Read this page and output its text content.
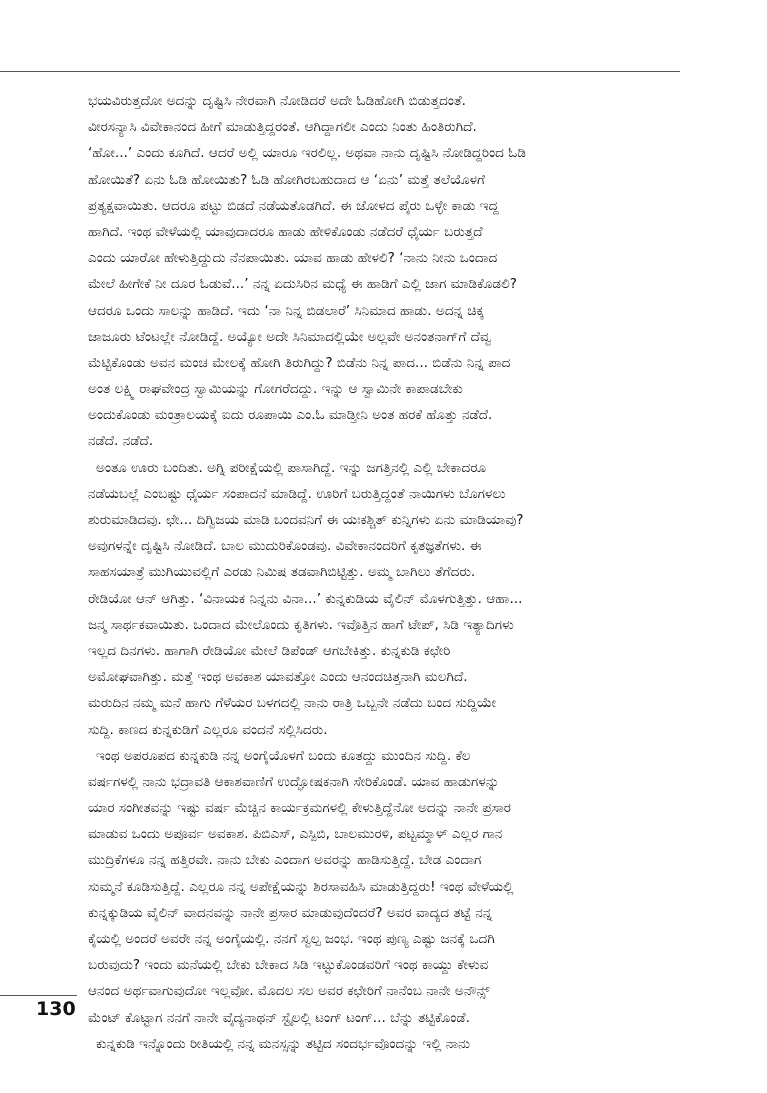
ಭಯವಿರುತ್ತದೋ ಅದನ್ನು ದೃಷ್ಟಿಸಿ ನೇರವಾಗಿ ನೋಡಿದರೆ ಅದೇ ಓಡಿಹೋಗಿ ಬಿಡುತ್ತದಂತೆ.
ವೀರಸನ್ಯಾಸಿ ವಿವೇಕಾನಂದ ಹೀಗೆ ಮಾಡುತ್ತಿದ್ದರಂತೆ. ಆಗಿದ್ದಾಗಲೀ ಎಂದು ನಿಂತು ಹಿಂತಿರುಗಿದೆ.
‘ಹೋ...’ ಎಂದು ಕೂಗಿದೆ. ಆದರೆ ಅಲ್ಲಿ ಯಾರೂ ಇರಲಿಲ್ಲ. ಅಥವಾ ನಾನು ದೃಷ್ಟಿಸಿ ನೋಡಿದ್ದರಿಂದ ಓಡಿ
ಹೋಯಿತೆ? ಏನು ಓಡಿ ಹೋಯಿತು? ಓಡಿ ಹೋಗಿರಬಹುದಾದ ಆ ‘ಏನು’ ಮತ್ತೆ ತಲೆಯೊಳಗೆ
ಪ್ರತ್ಯಕ್ಷವಾಯಿತು. ಆದರೂ ಪಟ್ಟು ಬಿಡದೆ ನಡೆಯತೊಡಗಿದೆ. ಈ ಜೋಳದ ಪೈರು ಒಳ್ಳೇ ಕಾಡು ಇದ್ದ
ಹಾಗಿದೆ. ಇಂಥ ವೇಳೆಯಲ್ಲಿ ಯಾವುದಾದರೂ ಹಾಡು ಹೇಳಿಕೊಂಡು ನಡೆದರೆ ಧೈರ್ಯ ಬರುತ್ತದೆ
ಎಂದು ಯಾರೋ ಹೇಳುತ್ತಿದ್ದುದು ನೆನಪಾಯಿತು. ಯಾವ ಹಾಡು ಹೇಳಲಿ? ‘ನಾನು ನೀನು ಒಂದಾದ
ಮೇಲೆ ಹೀಗೇಕೆ ನೀ ದೂರ ಓಡುವೆ...’ ನನ್ನ ಏದುಸಿರಿನ ಮಧ್ಯೆ ಈ ಹಾಡಿಗೆ ಎಲ್ಲಿ ಜಾಗ ಮಾಡಿಕೊಡಲಿ?
ಆದರೂ ಒಂದು ಸಾಲನ್ನು ಹಾಡಿದೆ. ಇದು ‘ನಾ ನಿನ್ನ ಬಿಡಲಾರೆ’ ಸಿನಿಮಾದ ಹಾಡು. ಅದನ್ನ ಚಿಕ್ಕ
ಜಾಜೂರು ಟೆಂಟಲ್ಲೇ ನೋಡಿದ್ದೆ. ಅಯ್ಯೋ ಅದೇ ಸಿನಿಮಾದಲ್ಲಿಯೇ ಅಲ್ಲವೇ ಅನಂತನಾಗ್‌ಗೆ ದೆವ್ವ
ಮೆಟ್ಟಿಕೊಂಡು ಅವನ ಮಂಚ ಮೇಲಕ್ಕೆ ಹೋಗಿ ತಿರುಗಿದ್ದು? ಬಿಡೆನು ನಿನ್ನ ಪಾದ... ಬಿಡೆನು ನಿನ್ನ ಪಾದ
ಅಂತ ಲಕ್ಷ್ಮಿ ರಾಘವೇಂದ್ರ ಸ್ವಾಮಿಯನ್ನು ಗೋಗರೆದದ್ದು. ಇನ್ನು ಆ ಸ್ವಾಮಿನೇ ಕಾಪಾಡಬೇಕು
ಅಂದುಕೊಂಡು ಮಂತ್ರಾಲಯಕ್ಕೆ ಐದು ರೂಪಾಯಿ ಎಂ.ಓ ಮಾಡ್ತೀನಿ ಅಂತ ಹರಕೆ ಹೊತ್ತು ನಡೆದೆ.
ನಡೆದೆ. ನಡೆದೆ.
ಅಂತೂ ಊರು ಬಂದಿತು. ಅಗ್ನಿ ಪರೀಕ್ಷೆಯಲ್ಲಿ ಪಾಸಾಗಿದ್ದೆ. ಇನ್ನು ಜಗತ್ತಿನಲ್ಲಿ ಎಲ್ಲಿ ಬೇಕಾದರೂ
ನಡೆಯಬಲ್ಲೆ ಎಂಬಷ್ಟು ಧೈರ್ಯ ಸಂಪಾದನೆ ಮಾಡಿದ್ದೆ. ಊರಿಗೆ ಬರುತ್ತಿದ್ದಂತೆ ನಾಯಿಗಳು ಬೊಗಳಲು
ಶುರುಮಾಡಿದವು. ಛೇ... ದಿಗ್ವಿಜಯ ಮಾಡಿ ಬಂದವನಿಗೆ ಈ ಯಃಕಶ್ಚಿತ್ ಕುನ್ನಿಗಳು ಏನು ಮಾಡಿಯಾವು?
ಅವುಗಳನ್ನೇ ದೃಷ್ಟಿಸಿ ನೋಡಿದೆ. ಬಾಲ ಮುದುರಿಕೊಂಡವು. ವಿವೇಕಾನಂದರಿಗೆ ಕೃತಜ್ಞತೆಗಳು. ಈ
ಸಾಹಸಯಾತ್ರೆ ಮುಗಿಯುವಲ್ಲಿಗೆ ಎರಡು ನಿಮಿಷ ತಡವಾಗಿಬಿಟ್ಟಿತ್ತು. ಅಮ್ಮ ಬಾಗಿಲು ತೆಗೆದರು.
ರೇಡಿಯೋ ಆನ್ ಆಗಿತ್ತು. ‘ವಿನಾಯಕ ನಿನ್ನನು ವಿನಾ...’ ಕುನ್ನಕುಡಿಯ ವೈಲಿನ್ ಮೊಳಗುತ್ತಿತ್ತು. ಆಹಾ...
ಜನ್ಮ ಸಾರ್ಥಕವಾಯಿತು. ಒಂದಾದ ಮೇಲೊಂದು ಕೃತಿಗಳು. ಇವೊತ್ತಿನ ಹಾಗೆ ಟೇಪ್, ಸಿಡಿ ಇತ್ಯಾದಿಗಳು
ಇಲ್ಲದ ದಿನಗಳು. ಹಾಗಾಗಿ ರೇಡಿಯೋ ಮೇಲೆ ಡಿಪೆಂಡ್ ಆಗಬೇಕಿತ್ತು. ಕುನ್ನಕುಡಿ ಕಛೇರಿ
ಅಮೋಘವಾಗಿತ್ತು. ಮತ್ತೆ ಇಂಥ ಅವಕಾಶ ಯಾವತ್ತೋ ಎಂದು ಆನಂದಚಿತ್ತನಾಗಿ ಮಲಗಿದೆ.
ಮರುದಿನ ನಮ್ಮ ಮನೆ ಹಾಗು ಗೆಳೆಯರ ಬಳಗದಲ್ಲಿ ನಾನು ರಾತ್ರಿ ಒಬ್ಬನೇ ನಡೆದು ಬಂದ ಸುದ್ದಿಯೇ
ಸುದ್ದಿ. ಕಾಣದ ಕುನ್ನಕುಡಿಗೆ ಎಲ್ಲರೂ ವಂದನೆ ಸಲ್ಲಿಸಿದರು.
ಇಂಥ ಅಪರೂಪದ ಕುನ್ನಕುಡಿ ನನ್ನ ಅಂಗೈಯೊಳಗೆ ಬಂದು ಕೂತದ್ದು ಮುಂದಿನ ಸುದ್ದಿ. ಕೆಲ
ವರ್ಷಗಳಲ್ಲಿ ನಾನು ಭದ್ರಾವತಿ ಆಕಾಶವಾಣಿಗೆ ಉದ್ಘೋಷಕನಾಗಿ ಸೇರಿಕೊಂಡೆ. ಯಾವ ಹಾಡುಗಳನ್ನು
ಯಾರ ಸಂಗೀತವನ್ನು ಇಷ್ಟು ವರ್ಷ ಮೆಚ್ಚಿನ ಕಾರ್ಯಕ್ರಮಗಳಲ್ಲಿ ಕೇಳುತ್ತಿದ್ದೆನೋ ಅದನ್ನು ನಾನೇ ಪ್ರಸಾರ
ಮಾಡುವ ಒಂದು ಅಪೂರ್ವ ಅವಕಾಶ. ಪಿಬಿಎಸ್, ಎಸ್ಪಿಬಿ, ಬಾಲಮುರಳಿ, ಪಟ್ಟಮ್ಮಾಳ್ ಎಲ್ಲರ ಗಾನ
ಮುದ್ರಿಕೆಗಳೂ ನನ್ನ ಹತ್ತಿರವೇ. ನಾನು ಬೇಕು ಎಂದಾಗ ಅವರನ್ನು ಹಾಡಿಸುತ್ತಿದ್ದೆ. ಬೇಡ ಎಂದಾಗ
ಸುಮ್ಮನೆ ಕೂಡಿಸುತ್ತಿದ್ದೆ. ಎಲ್ಲರೂ ನನ್ನ ಅಪೇಕ್ಷೆಯನ್ನು ಶಿರಸಾವಹಿಸಿ ಮಾಡುತ್ತಿದ್ದರು! ಇಂಥ ವೇಳೆಯಲ್ಲಿ
ಕುನ್ನಕ್ಕುಡಿಯ ವೈಲಿನ್ ವಾದನವನ್ನು ನಾನೇ ಪ್ರಸಾರ ಮಾಡುವುದೆಂದರೆ? ಅವರ ವಾದ್ಯದ ತಟ್ಟೆ ನನ್ನ
ಕೈಯಲ್ಲಿ ಅಂದರೆ ಅವರೇ ನನ್ನ ಅಂಗೈಯಲ್ಲಿ. ನನಗೆ ಸ್ವಲ್ಪ ಜಂಭ. ಇಂಥ ಪುಣ್ಯ ಎಷ್ಟು ಜನಕ್ಕೆ ಒದಗಿ
ಬರುವುದು? ಇಂದು ಮನೆಯಲ್ಲಿ ಬೇಕು ಬೇಕಾದ ಸಿಡಿ ಇಟ್ಟುಕೊಂಡವರಿಗೆ ಇಂಥ ಕಾಯ್ದು ಕೇಳುವ
ಆನಂದ ಅರ್ಥವಾಗುವುದೋ ಇಲ್ಲವೋ. ಮೊದಲ ಸಲ ಅವರ ಕಛೇರಿಗೆ ನಾನೆಂಬ ನಾನೇ ಅನೌನ್ಸ್
ಮೆಂಟ್ ಕೊಟ್ಟಾಗ ನನಗೆ ನಾನೇ ವೈದ್ಯನಾಥನ್ ಸ್ಟೈಲಲ್ಲಿ ಟಂಗ್ ಟಂಗ್... ಬೆನ್ನು ತಟ್ಟಿಕೊಂಡೆ.
ಕುನ್ನಕುಡಿ ಇನ್ನೊಂದು ರೀತಿಯಲ್ಲಿ ನನ್ನ ಮನಸ್ಸನ್ನು ತಟ್ಟಿದ ಸಂದರ್ಭವೊಂದನ್ನು ಇಲ್ಲಿ ನಾನು
130
